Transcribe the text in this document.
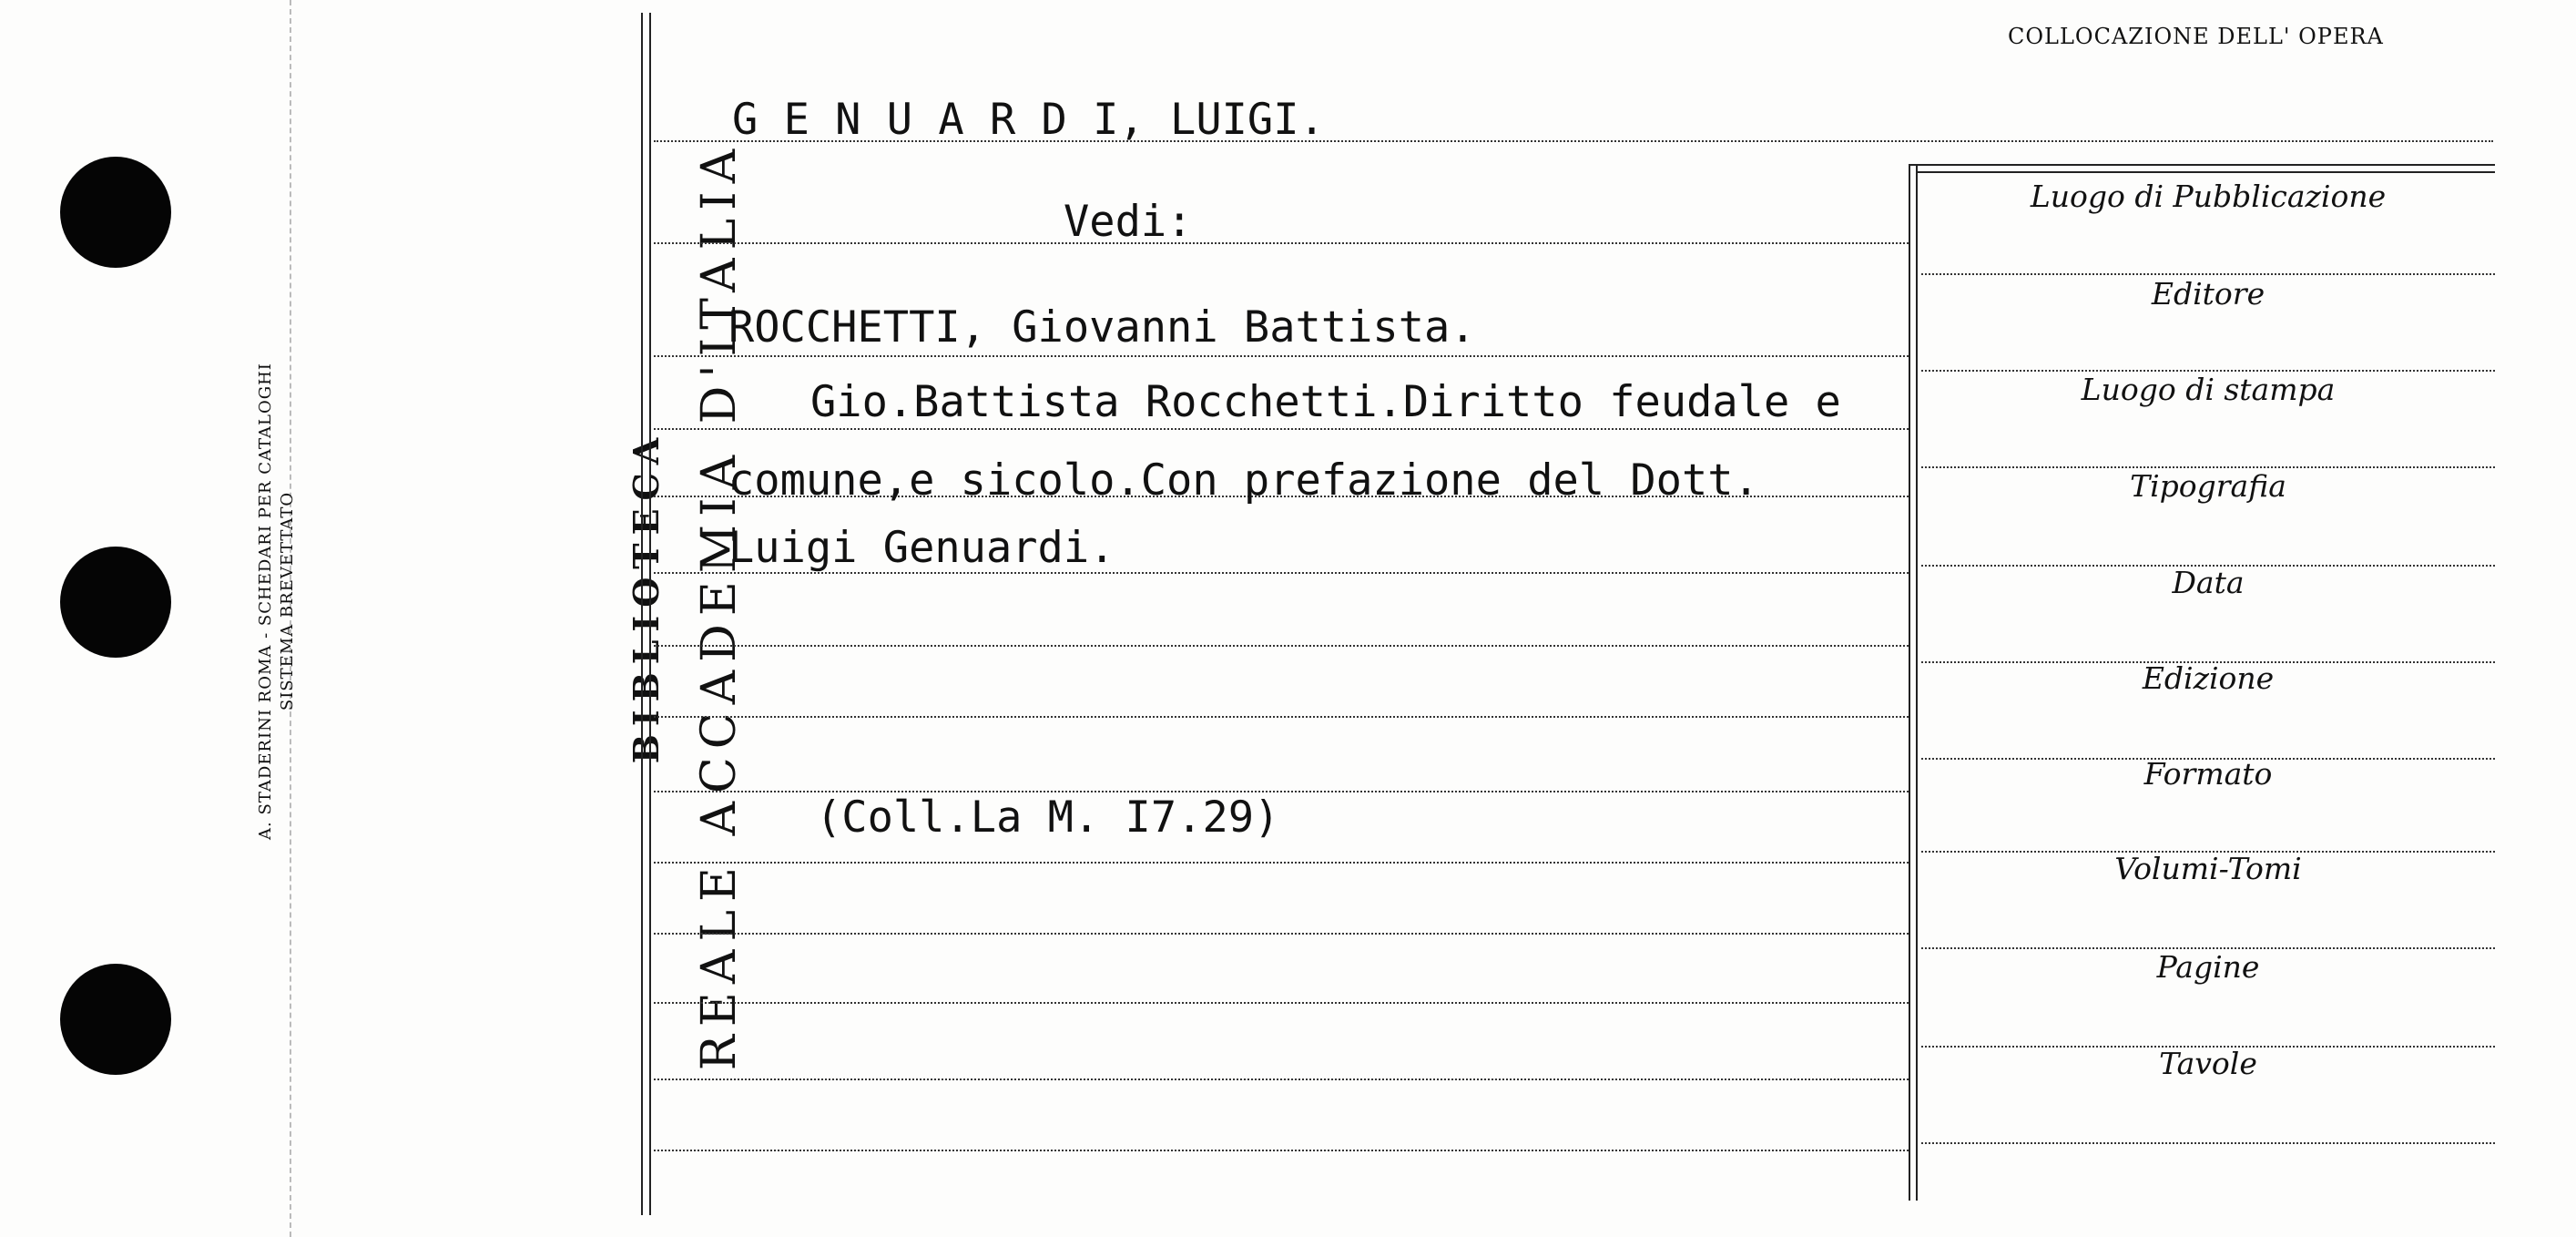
A. STADERINI ROMA - SCHEDARI PER CATALOGHI SISTEMA BREVETTATO	REALE ACCADEMIA D'ITALIA
BIBLIOTECA
COLLOCAZIONE DELL' OPERA
Luogo di Pubblicazione
Editore
Luogo di stampa
Tipografia
Data
Edizione
Formato
Volumi-Tomi
Pagine
Tavole
G E N U A R D I, LUIGI.
Vedi:
ROCCHETTI, Giovanni Battista.
Gio.Battista Rocchetti.Diritto feudale e
comune,e sicolo.Con prefazione del Dott.
Luigi Genuardi.
(Coll.La M. I7.29)
